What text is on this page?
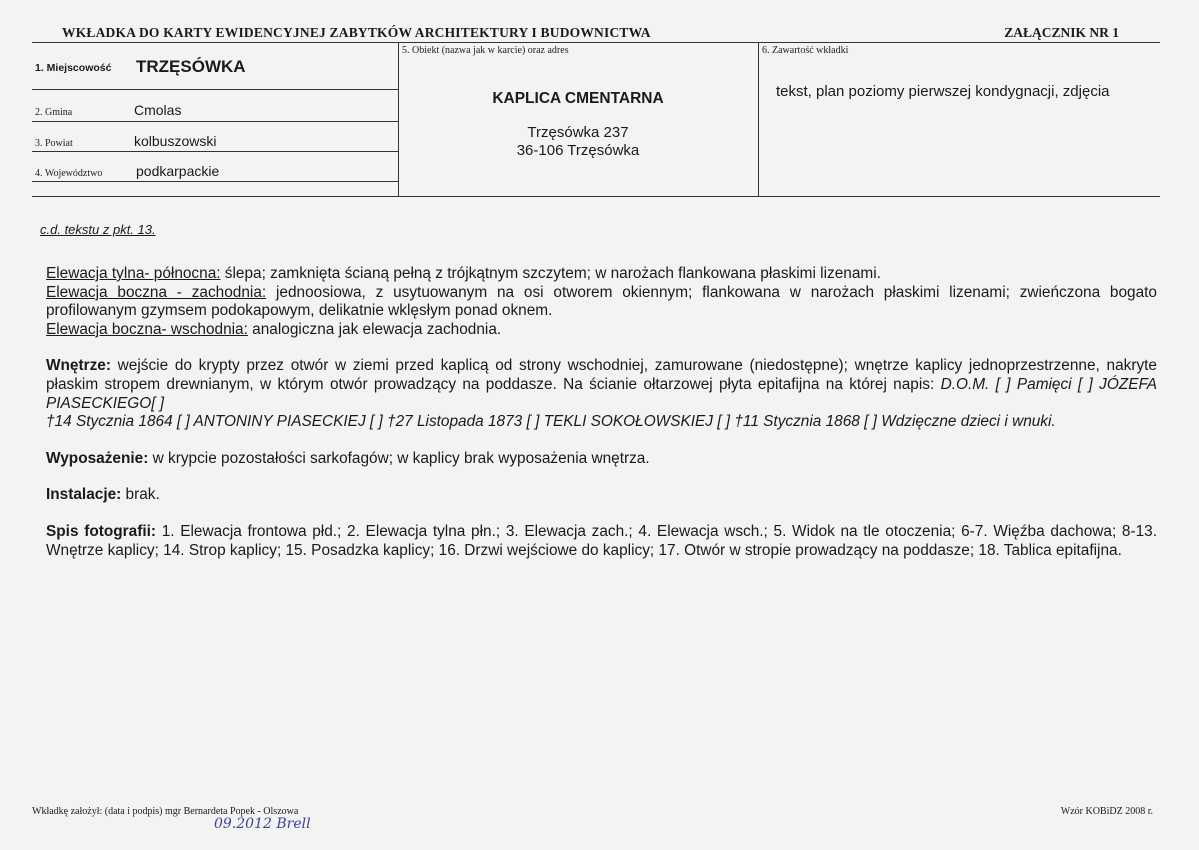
WKŁADKA DO KARTY EWIDENCYJNEJ ZABYTKÓW ARCHITEKTURY I BUDOWNICTWA	ZAŁĄCZNIK NR 1
1. Miejscowość TRZĘSÓWKA
2. Gmina	Cmolas
3. Powiat	kolbuszowski
4. Województwo podkarpackie
5. Obiekt (nazwa jak w karcie) oraz adres
KAPLICA CMENTARNA
Trzęsówka 237
36-106 Trzęsówka
6. Zawartość wkładki
tekst, plan poziomy pierwszej kondygnacji, zdjęcia
c.d. tekstu z pkt. 13.

Elewacja tylna- północna: ślepa; zamknięta ścianą pełną z trójkątnym szczytem; w narożach flankowana płaskimi lizenami.

Elewacja boczna - zachodnia: jednoosiowa, z usytuowanym na osi otworem okiennym; flankowana w narożach płaskimi lizenami; zwieńczona bogato profilowanym gzymsem podokapowym, delikatnie wklęsłym ponad oknem.

Elewacja boczna- wschodnia: analogiczna jak elewacja zachodnia.

Wnętrze: wejście do krypty przez otwór w ziemi przed kaplicą od strony wschodniej, zamurowane (niedostępne); wnętrze kaplicy jednoprzestrzenne, nakryte płaskim stropem drewnianym, w którym otwór prowadzący na poddasze. Na ścianie ołtarzowej płyta epitafijna na której napis: D.O.M. [ ] Pamięci [ ] JÓZEFA PIASECKIEGO[ ]

†14 Stycznia 1864 [ ] ANTONINY PIASECKIEJ [ ] †27 Listopada 1873 [ ] TEKLI SOKOŁOWSKIEJ [ ] †11 Stycznia 1868 [ ] Wdzięczne dzieci i wnuki.

Wyposażenie: w krypcie pozostałości sarkofagów; w kaplicy brak wyposażenia wnętrza.

Instalacje: brak.

Spis fotografii: 1. Elewacja frontowa płd.; 2. Elewacja tylna płn.; 3. Elewacja zach.; 4. Elewacja wsch.; 5. Widok na tle otoczenia; 6-7. Więźba dachowa; 8-13. Wnętrze kaplicy; 14. Strop kaplicy; 15. Posadzka kaplicy; 16. Drzwi wejściowe do kaplicy; 17. Otwór w stropie prowadzący na poddasze; 18. Tablica epitafijna.

Wkładkę założył: (data i podpis) mgr Bernardeta Popek - Olszowa
09.2012 Brell
Wzór KOBiDZ 2008 r.
